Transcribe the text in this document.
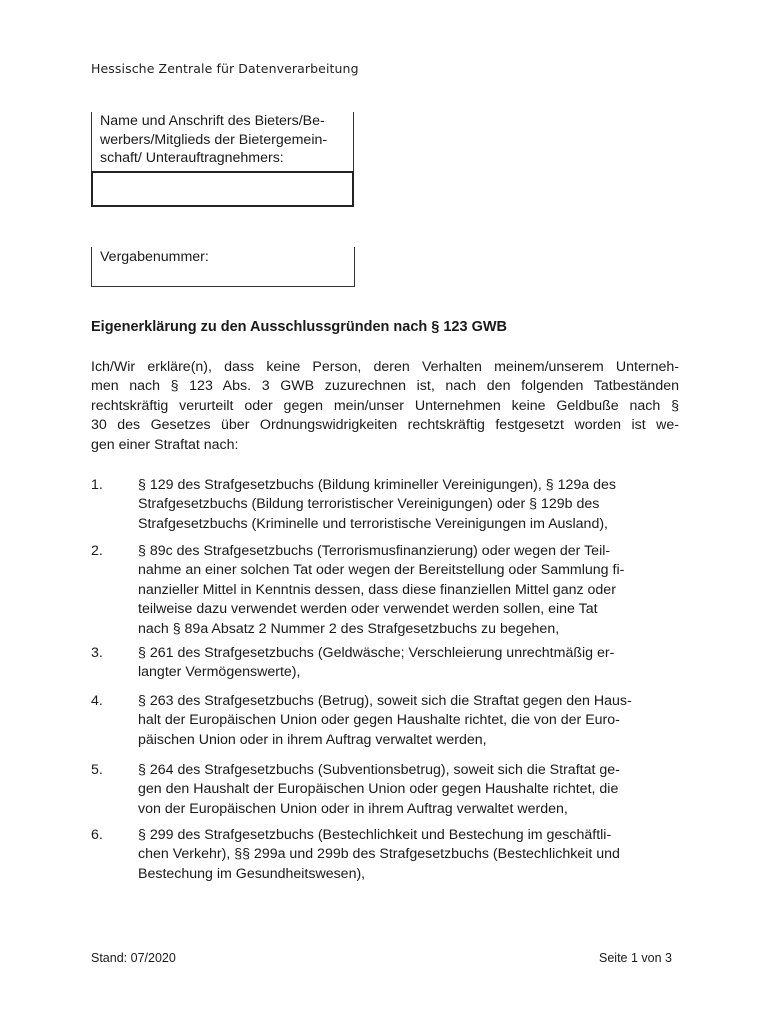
Hessische Zentrale für Datenverarbeitung
Name und Anschrift des Bieters/Be-
werbers/Mitglieds der Bietergemein-
schaft/ Unterauftragnehmers:
Vergabenummer:
Eigenerklärung zu den Ausschlussgründen nach § 123 GWB
Ich/Wir erkläre(n), dass keine Person, deren Verhalten meinem/unserem Unterneh-
men nach § 123 Abs. 3 GWB zuzurechnen ist, nach den folgenden Tatbeständen
rechtskräftig verurteilt oder gegen mein/unser Unternehmen keine Geldbuße nach §
30 des Gesetzes über Ordnungswidrigkeiten rechtskräftig festgesetzt worden ist we-
gen einer Straftat nach:
1. § 129 des Strafgesetzbuchs (Bildung krimineller Vereinigungen), § 129a des
Strafgesetzbuchs (Bildung terroristischer Vereinigungen) oder § 129b des
Strafgesetzbuchs (Kriminelle und terroristische Vereinigungen im Ausland),
2. § 89c des Strafgesetzbuchs (Terrorismusfinanzierung) oder wegen der Teil-
nahme an einer solchen Tat oder wegen der Bereitstellung oder Sammlung fi-
nanzieller Mittel in Kenntnis dessen, dass diese finanziellen Mittel ganz oder
teilweise dazu verwendet werden oder verwendet werden sollen, eine Tat
nach § 89a Absatz 2 Nummer 2 des Strafgesetzbuchs zu begehen,
3. § 261 des Strafgesetzbuchs (Geldwäsche; Verschleierung unrechtmäßig er-
langter Vermögenswerte),
4. § 263 des Strafgesetzbuchs (Betrug), soweit sich die Straftat gegen den Haus-
halt der Europäischen Union oder gegen Haushalte richtet, die von der Euro-
päischen Union oder in ihrem Auftrag verwaltet werden,
5. § 264 des Strafgesetzbuchs (Subventionsbetrug), soweit sich die Straftat ge-
gen den Haushalt der Europäischen Union oder gegen Haushalte richtet, die
von der Europäischen Union oder in ihrem Auftrag verwaltet werden,
6. § 299 des Strafgesetzbuchs (Bestechlichkeit und Bestechung im geschäftli-
chen Verkehr), §§ 299a und 299b des Strafgesetzbuchs (Bestechlichkeit und
Bestechung im Gesundheitswesen),
Stand: 07/2020	Seite 1 von 3
